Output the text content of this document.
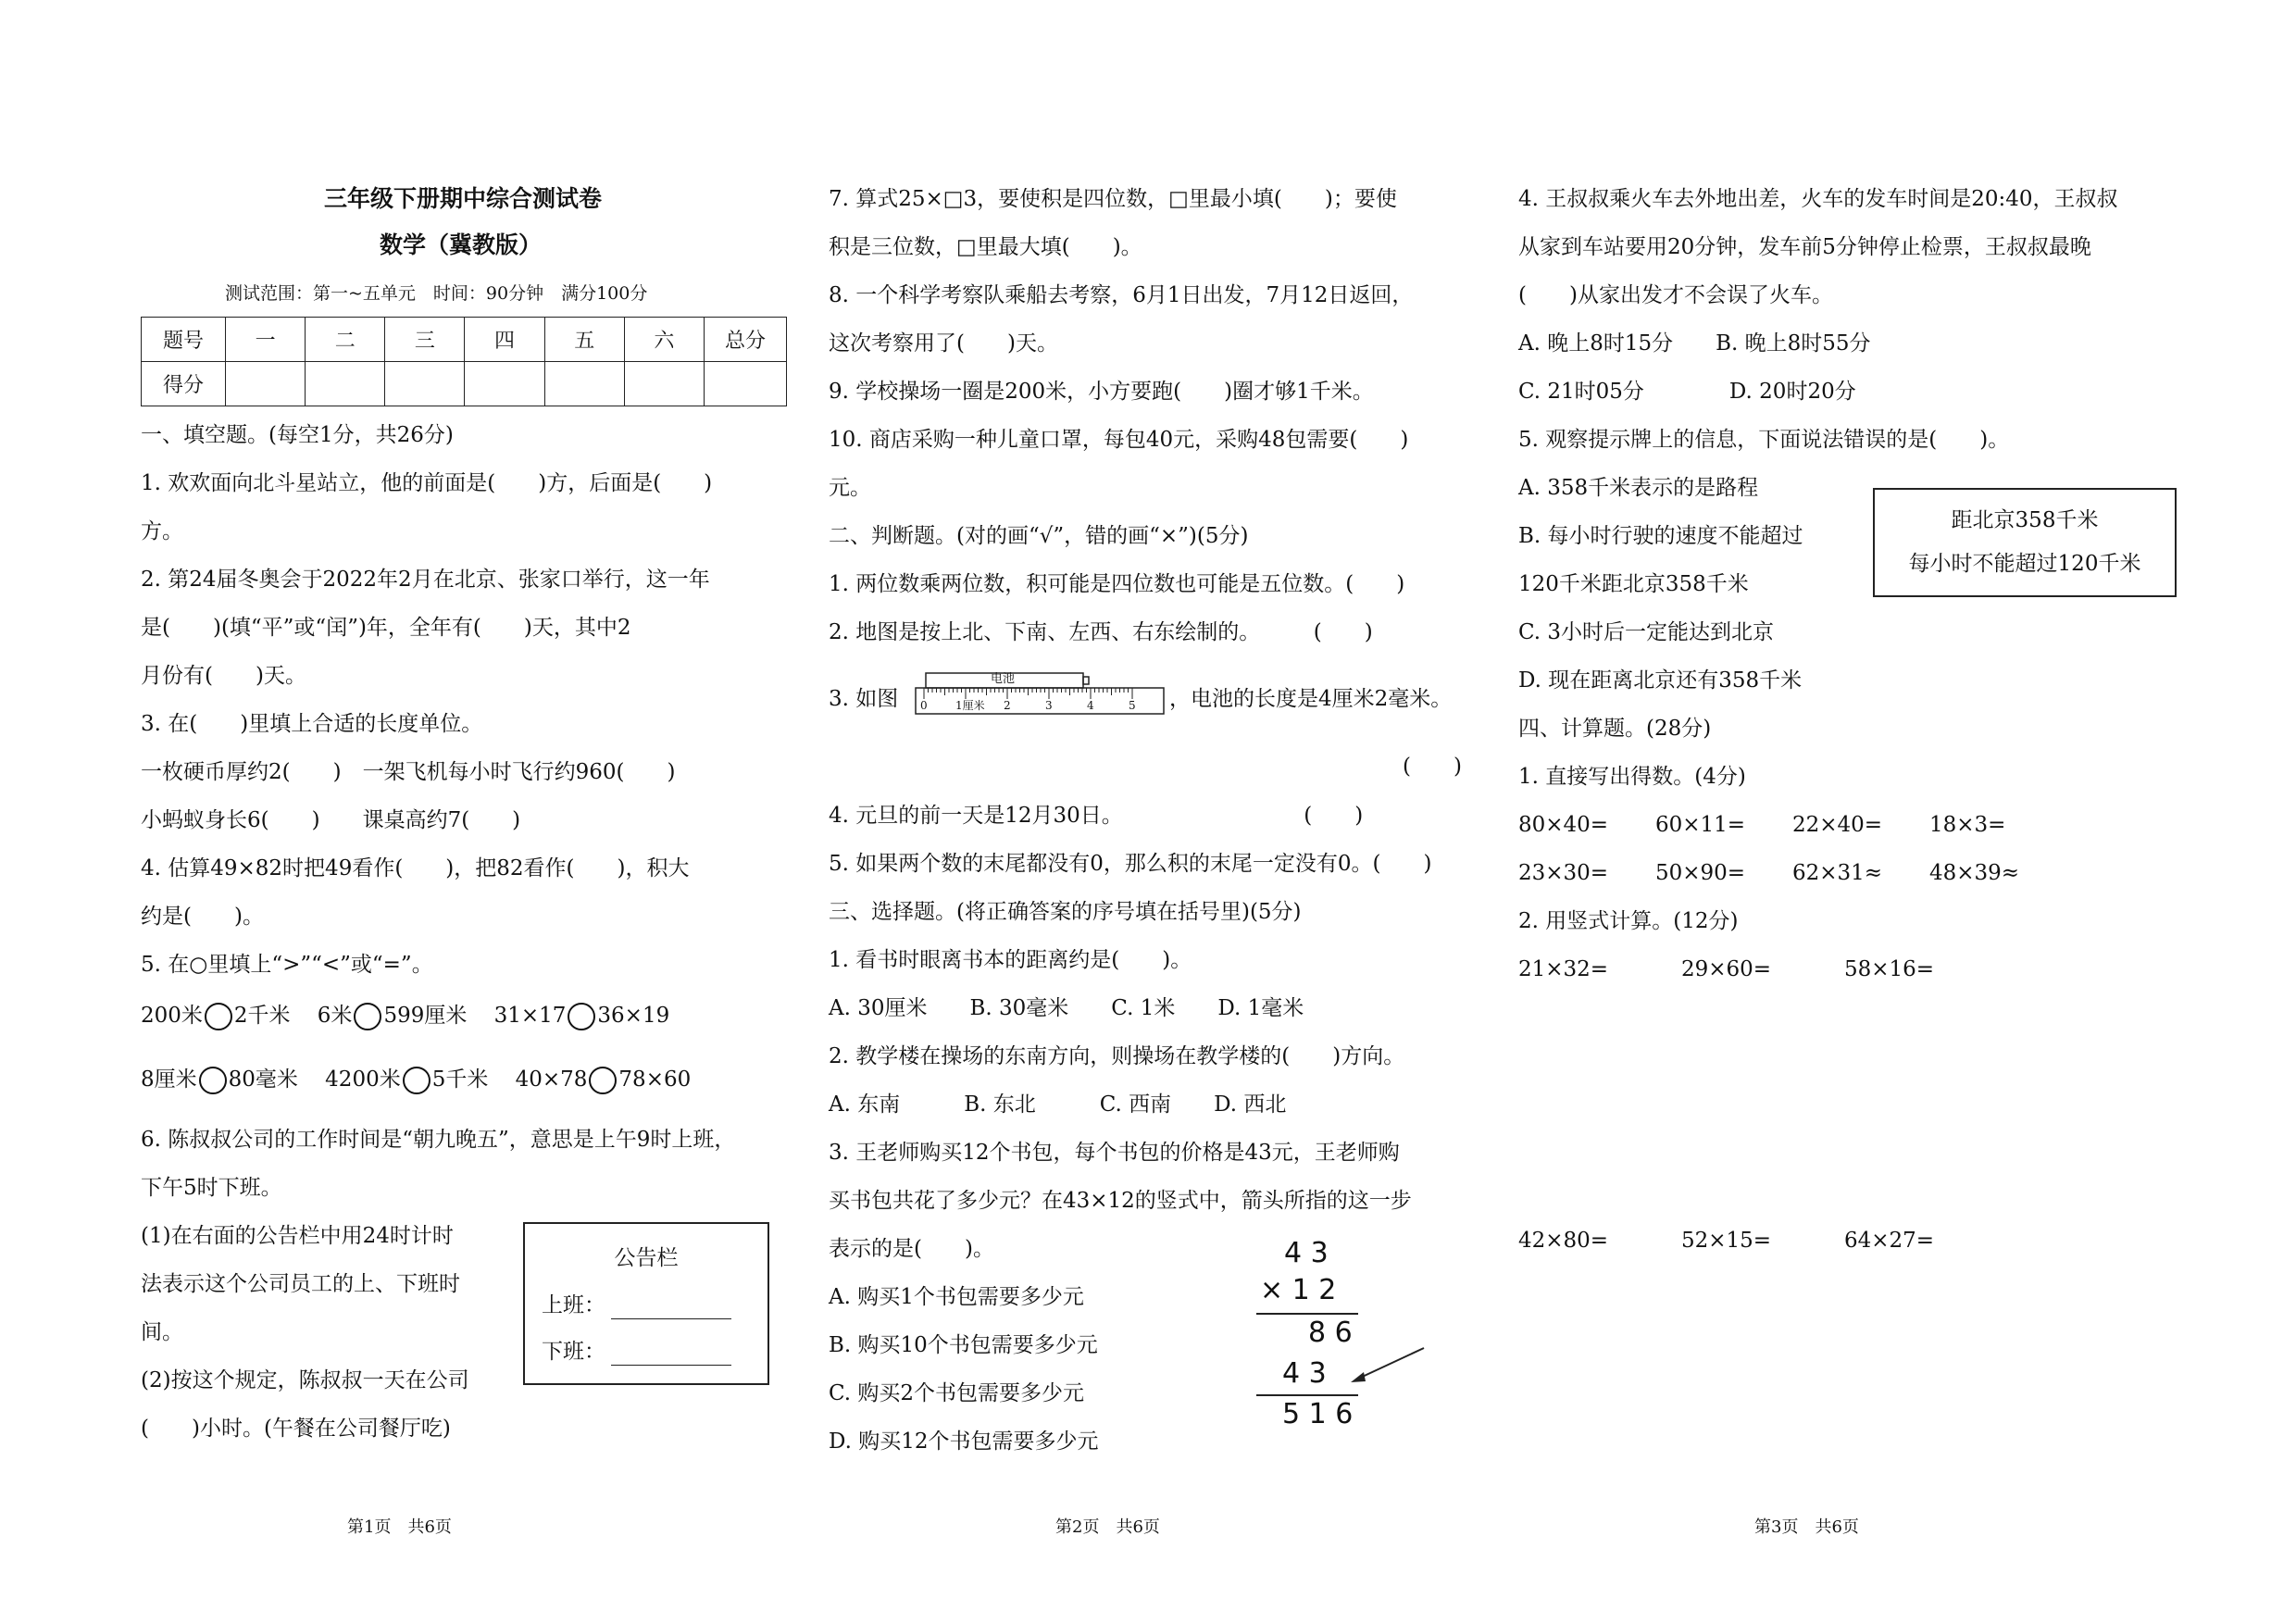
三年级下册期中综合测试卷
数学（冀教版）
测试范围：第一~五单元　时间：90分钟　满分100分
题号	一	二	三	四	五	六	总分
得分							
一、填空题。(每空1分，共26分)
1. 欢欢面向北斗星站立，他的前面是(　　)方，后面是(　　)
方。
2. 第24届冬奥会于2022年2月在北京、张家口举行，这一年
是(　　)(填“平”或“闰”)年，全年有(　　)天，其中2
月份有(　　)天。
3. 在(　　)里填上合适的长度单位。
一枚硬币厚约2(　　)　一架飞机每小时飞行约960(　　)
小蚂蚁身长6(　　)　　课桌高约7(　　)
4. 估算49×82时把49看作(　　)，把82看作(　　)，积大
约是(　　)。
5. 在○里填上“>”“<”或“=”。
200米 2千米 6米 599厘米 31×17 36×19
8厘米 80毫米 4200米 5千米 40×78 78×60
6. 陈叔叔公司的工作时间是“朝九晚五”，意思是上午9时上班，
下午5时下班。
(1)在右面的公告栏中用24时计时
法表示这个公司员工的上、下班时
间。
(2)按这个规定，陈叔叔一天在公司
(　　)小时。(午餐在公司餐厅吃)
公告栏
上班：
下班：
第1页　共6页
7. 算式25×□3，要使积是四位数，□里最小填(　　)；要使
积是三位数，□里最大填(　　)。
8. 一个科学考察队乘船去考察，6月1日出发，7月12日返回，
这次考察用了(　　)天。
9. 学校操场一圈是200米，小方要跑(　　)圈才够1千米。
10. 商店采购一种儿童口罩，每包40元，采购48包需要(　　)
元。
二、判断题。(对的画“√”，错的画“×”)(5分)
1. 两位数乘两位数，积可能是四位数也可能是五位数。(　　)
2. 地图是按上北、下南、左西、右东绘制的。　　　(　　)
3. 如图
电池
0	1厘米 2	3	4	5 ，电池的长度是4厘米2毫米。
(　　)
4. 元旦的前一天是12月30日。　　　　　　　　　(　　)
5. 如果两个数的末尾都没有0，那么积的末尾一定没有0。(　　)
三、选择题。(将正确答案的序号填在括号里)(5分)
1. 看书时眼离书本的距离约是(　　)。
A. 30厘米　　B. 30毫米　　C. 1米　　D. 1毫米
2. 教学楼在操场的东南方向，则操场在教学楼的(　　)方向。
A. 东南　　　B. 东北　　　C. 西南　　D. 西北
3. 王老师购买12个书包，每个书包的价格是43元，王老师购
买书包共花了多少元？在43×12的竖式中，箭头所指的这一步
表示的是(　　)。
A. 购买1个书包需要多少元
B. 购买10个书包需要多少元
C. 购买2个书包需要多少元
D. 购买12个书包需要多少元
4 3
× 1 2
8 6
4 3
5 1 6
第2页　共6页
4. 王叔叔乘火车去外地出差，火车的发车时间是20:40，王叔叔
从家到车站要用20分钟，发车前5分钟停止检票，王叔叔最晚
(　　)从家出发才不会误了火车。
A. 晚上8时15分　　B. 晚上8时55分
C. 21时05分　　　　D. 20时20分
5. 观察提示牌上的信息，下面说法错误的是(　　)。
A. 358千米表示的是路程
B. 每小时行驶的速度不能超过
120千米距北京358千米
C. 3小时后一定能达到北京
D. 现在距离北京还有358千米
四、计算题。(28分)
1. 直接写出得数。(4分)
距北京358千米
每小时不能超过120千米
80×40= 60×11= 22×40= 18×3=
23×30= 50×90= 62×31≈ 48×39≈
2. 用竖式计算。(12分)
21×32=	29×60=	58×16=
42×80=	52×15=	64×27=
第3页　共6页
